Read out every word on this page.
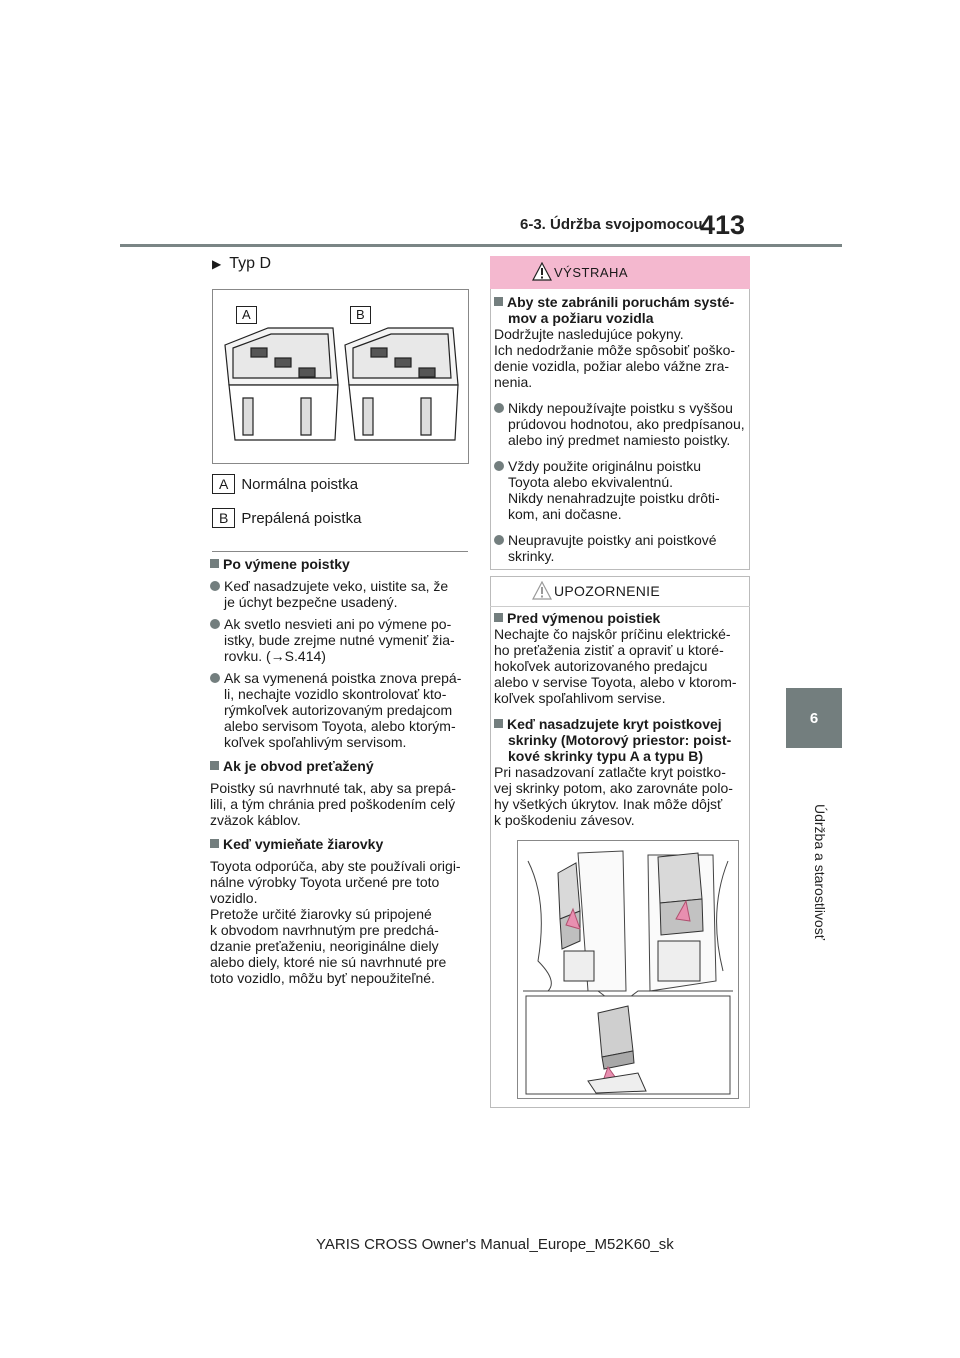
6-3. Údržba svojpomocou
413
6
Údržba a starostlivosť
▶ Typ D
A	B
A Normálna poistka
B Prepálená poistka
Po výmene poistky
Keď nasadzujete veko, uistite sa, že
je úchyt bezpečne usadený.
Ak svetlo nesvieti ani po výmene po-
istky, bude zrejme nutné vymeniť žia-
rovku. (→S.414)
Ak sa vymenená poistka znova prepá-
li, nechajte vozidlo skontrolovať kto-
rýmkoľvek autorizovaným predajcom
alebo servisom Toyota, alebo ktorým-
koľvek spoľahlivým servisom.
Ak je obvod preťažený
Poistky sú navrhnuté tak, aby sa prepá-
lili, a tým chránia pred poškodením celý
zväzok káblov.
Keď vymieňate žiarovky
Toyota odporúča, aby ste používali origi-
nálne výrobky Toyota určené pre toto
vozidlo.
Pretože určité žiarovky sú pripojené
k obvodom navrhnutým pre predchá-
dzanie preťaženiu, neoriginálne diely
alebo diely, ktoré nie sú navrhnuté pre
toto vozidlo, môžu byť nepoužiteľné.
VÝSTRAHA
Aby ste zabránili poruchám systé-
mov a požiaru vozidla
Dodržujte nasledujúce pokyny.
Ich nedodržanie môže spôsobiť poško-
denie vozidla, požiar alebo vážne zra-
nenia.
Nikdy nepoužívajte poistku s vyššou
prúdovou hodnotou, ako predpísanou,
alebo iný predmet namiesto poistky.
Vždy použite originálnu poistku
Toyota alebo ekvivalentnú.
Nikdy nenahradzujte poistku drôti-
kom, ani dočasne.
Neupravujte poistky ani poistkové
skrinky.
UPOZORNENIE
Pred výmenou poistiek
Nechajte čo najskôr príčinu elektrické-
ho preťaženia zistiť a opraviť u ktoré-
hokoľvek autorizovaného predajcu
alebo v servise Toyota, alebo v ktorom-
koľvek spoľahlivom servise.
Keď nasadzujete kryt poistkovej
skrinky (Motorový priestor: poist-
kové skrinky typu A a typu B)
Pri nasadzovaní zatlačte kryt poistko-
vej skrinky potom, ako zarovnáte polo-
hy všetkých úkrytov. Inak môže dôjsť
k poškodeniu závesov.
YARIS CROSS Owner's Manual_Europe_M52K60_sk
